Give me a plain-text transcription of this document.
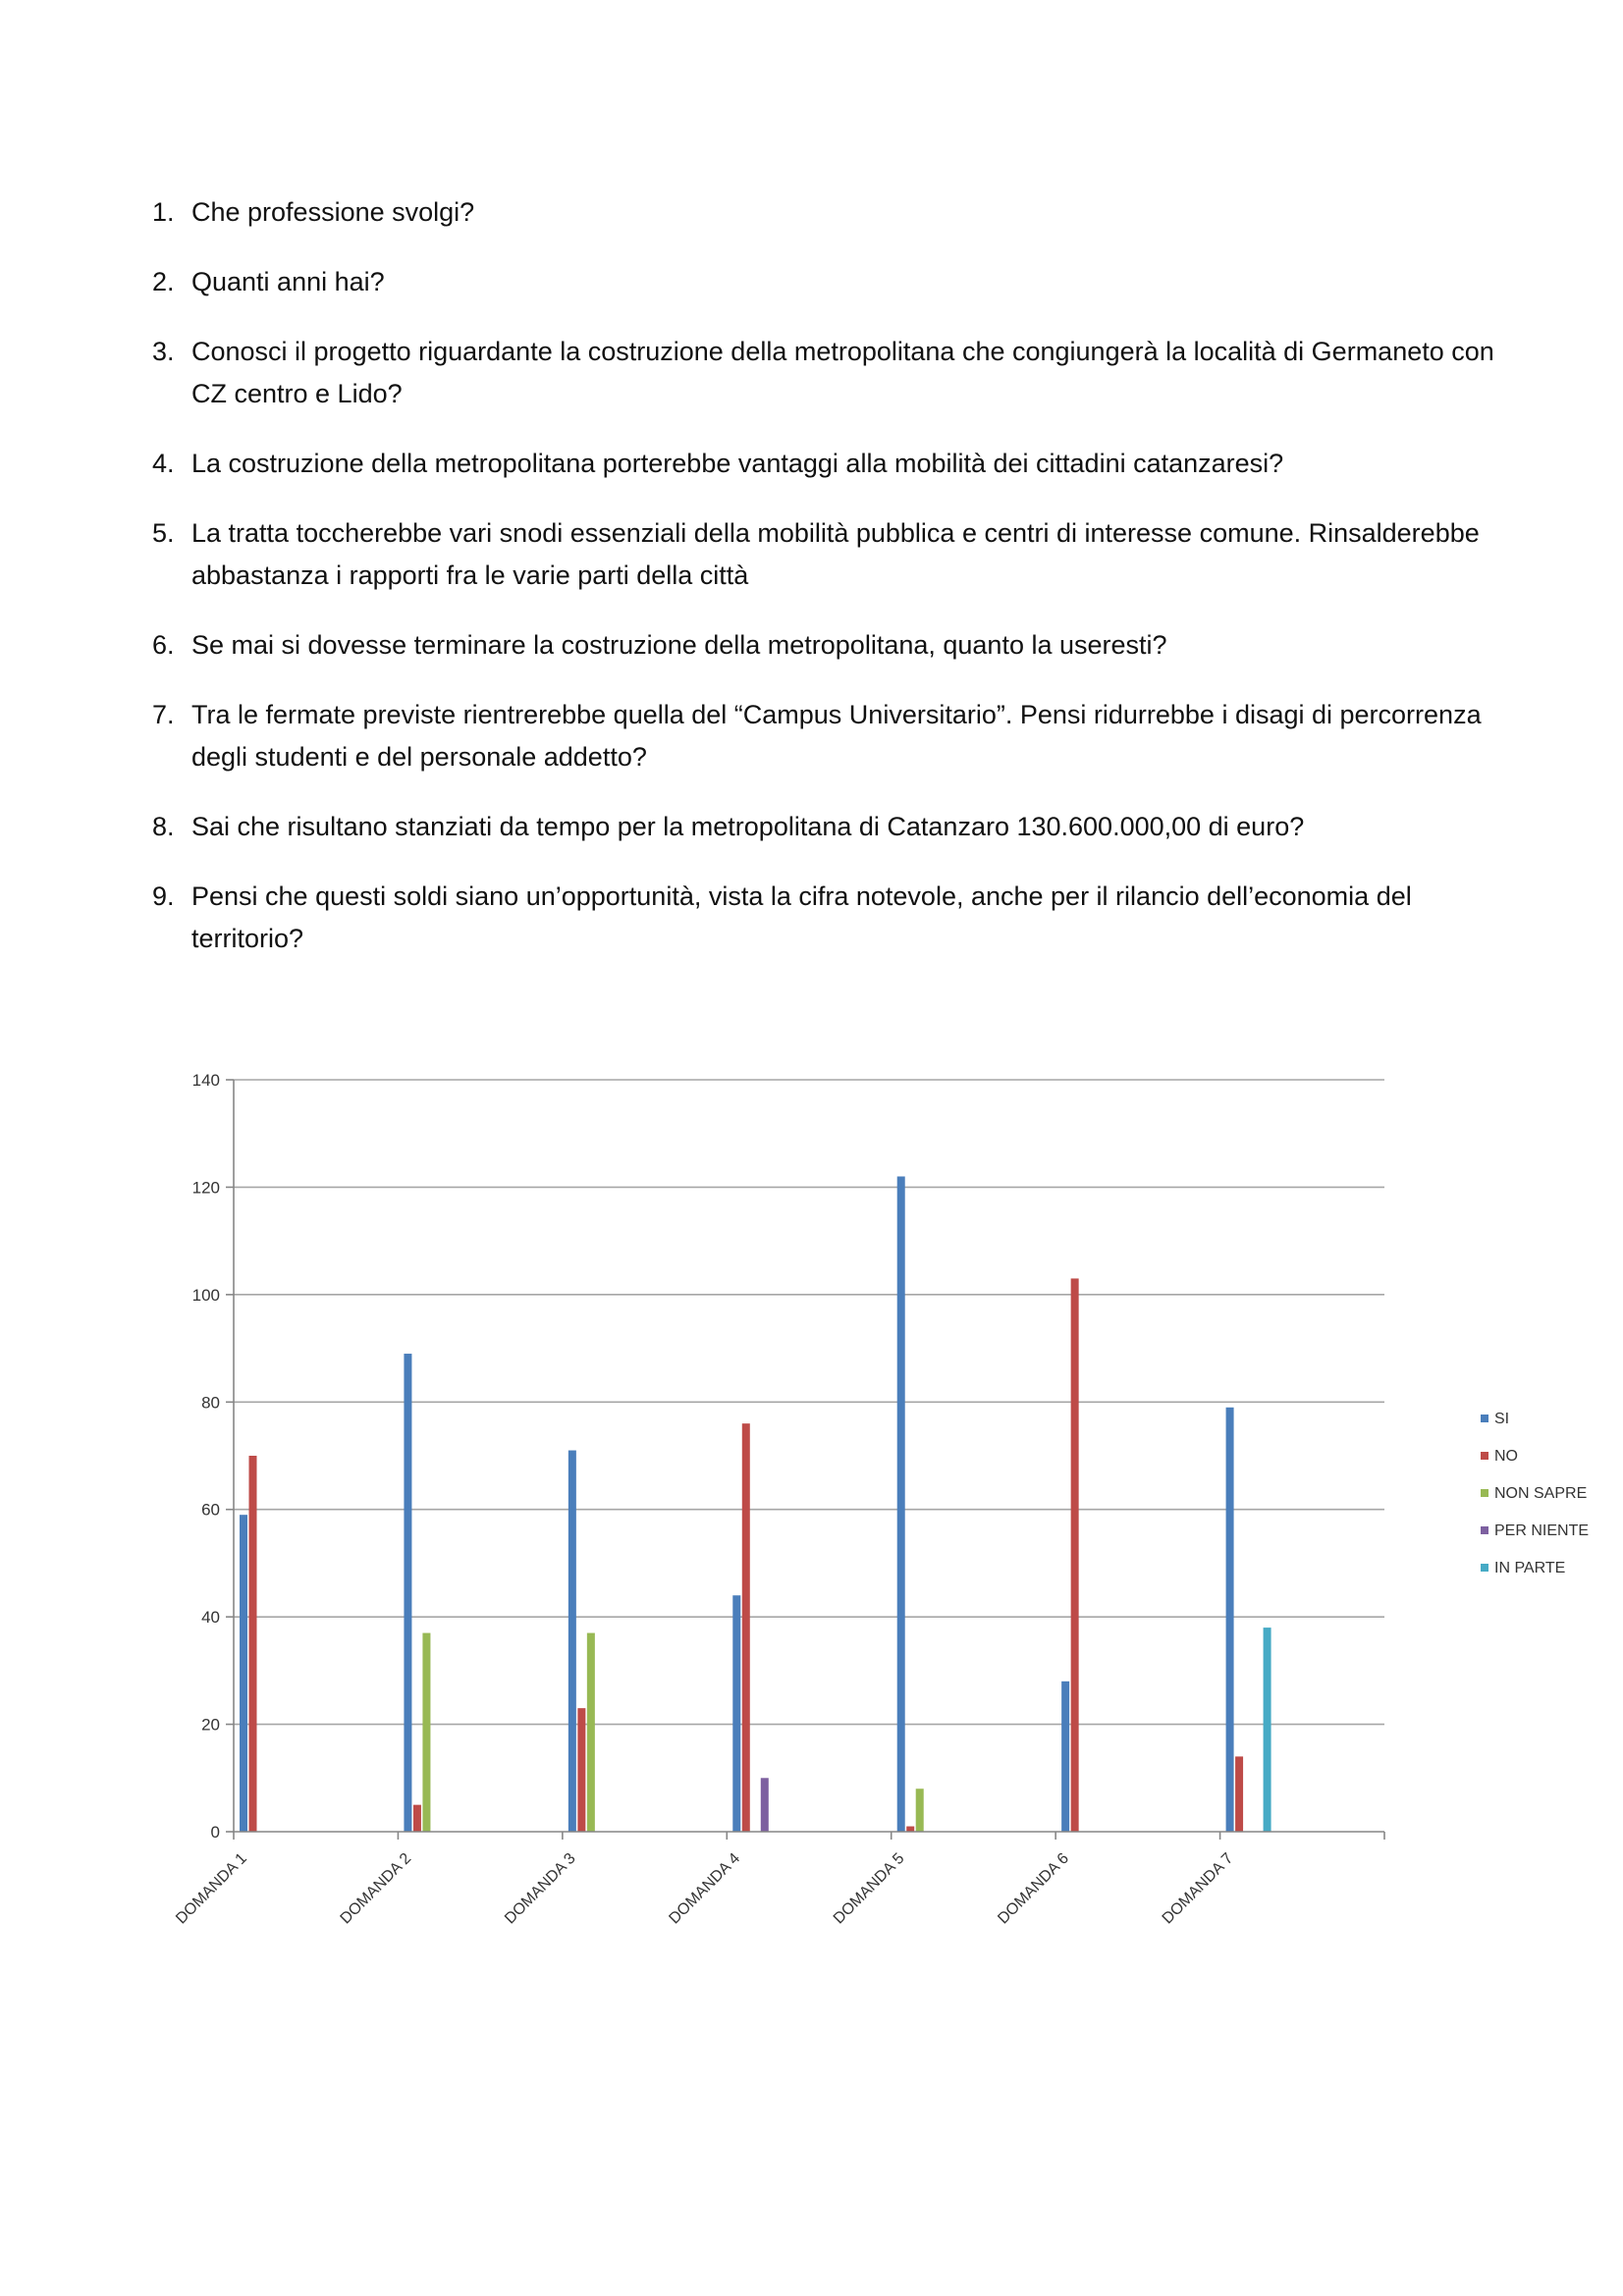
1. Che professione svolgi?
2. Quanti anni hai?
3. Conosci il progetto riguardante la costruzione della metropolitana che congiungerà la località di Germaneto con CZ centro e Lido?
4. La costruzione della metropolitana porterebbe vantaggi alla mobilità dei cittadini catanzaresi?
5. La tratta toccherebbe vari snodi essenziali della mobilità pubblica e centri di interesse comune. Rinsalderebbe abbastanza i rapporti fra le varie parti della città
6. Se mai si dovesse terminare la costruzione della metropolitana, quanto la useresti?
7. Tra le fermate previste rientrerebbe quella del “Campus Universitario”. Pensi ridurrebbe i disagi di percorrenza degli studenti e del personale addetto?
8. Sai che risultano stanziati da tempo per la metropolitana di Catanzaro 130.600.000,00 di euro?
9. Pensi che questi soldi siano un’opportunità, vista la cifra notevole, anche per il rilancio dell’economia del territorio?
0
20
40
60
80
100
120
140
DOMANDA 1	DOMANDA 2	DOMANDA 3	DOMANDA 4	DOMANDA 5	DOMANDA 6	DOMANDA 7
SI
NO
NON SAPRE
PER NIENTE
IN PARTE
